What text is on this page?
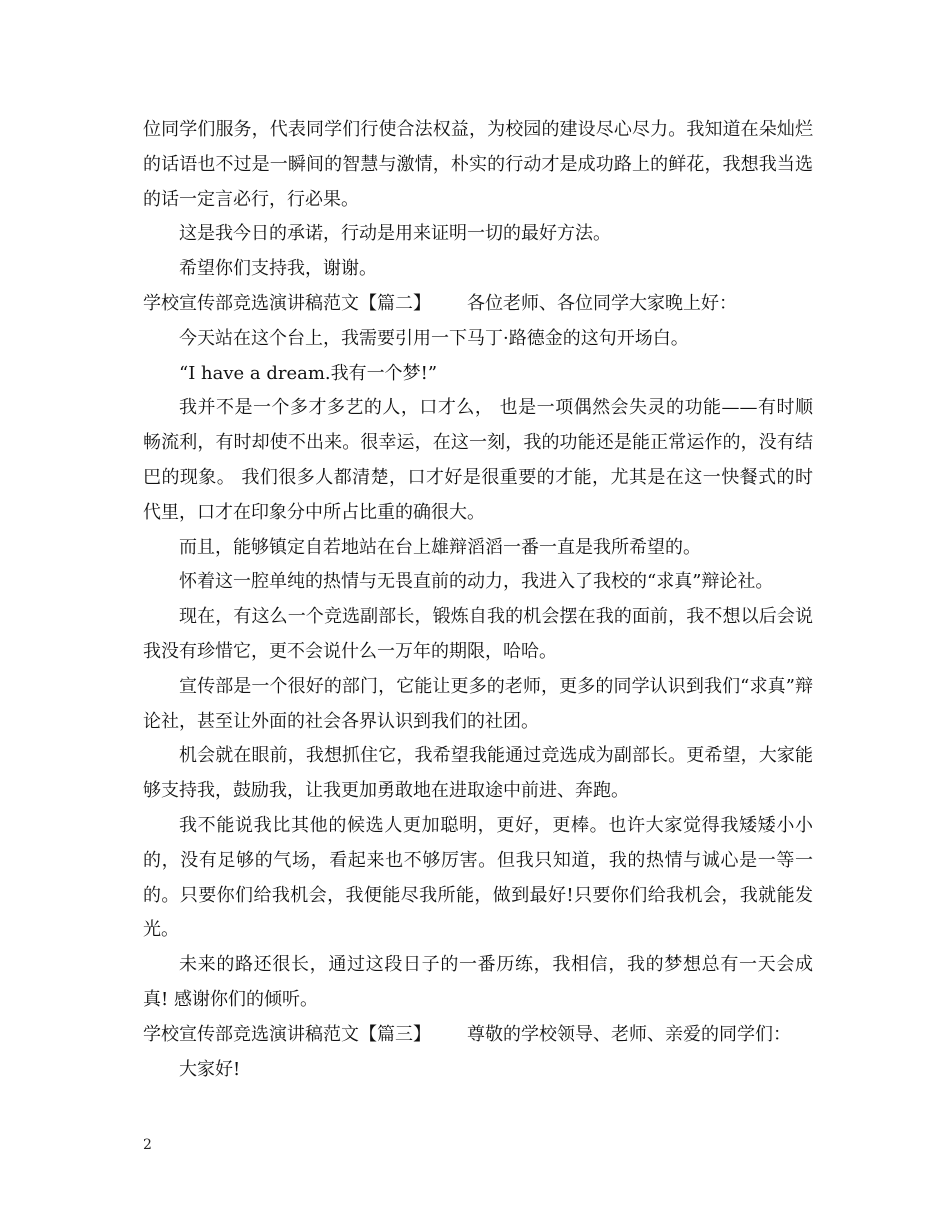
位同学们服务，代表同学们行使合法权益，为校园的建设尽心尽力。我知道在朵灿烂的话语也不过是一瞬间的智慧与激情，朴实的行动才是成功路上的鲜花，我想我当选的话一定言必行，行必果。

这是我今日的承诺，行动是用来证明一切的最好方法。

希望你们支持我，谢谢。

学校宣传部竞选演讲稿范文【篇二】 各位老师、各位同学大家晚上好：

今天站在这个台上，我需要引用一下马丁·路德金的这句开场白。

“I have a dream.我有一个梦!”

我并不是一个多才多艺的人，口才么， 也是一项偶然会失灵的功能——有时顺畅流利，有时却使不出来。很幸运，在这一刻，我的功能还是能正常运作的，没有结巴的现象。 我们很多人都清楚，口才好是很重要的才能，尤其是在这一快餐式的时代里，口才在印象分中所占比重的确很大。

而且，能够镇定自若地站在台上雄辩滔滔一番一直是我所希望的。

怀着这一腔单纯的热情与无畏直前的动力，我进入了我校的“求真”辩论社。

现在，有这么一个竞选副部长，锻炼自我的机会摆在我的面前，我不想以后会说我没有珍惜它，更不会说什么一万年的期限，哈哈。

宣传部是一个很好的部门，它能让更多的老师，更多的同学认识到我们“求真”辩论社，甚至让外面的社会各界认识到我们的社团。

机会就在眼前，我想抓住它，我希望我能通过竞选成为副部长。更希望，大家能够支持我，鼓励我，让我更加勇敢地在进取途中前进、奔跑。

我不能说我比其他的候选人更加聪明，更好，更棒。也许大家觉得我矮矮小小的，没有足够的气场，看起来也不够厉害。但我只知道，我的热情与诚心是一等一的。只要你们给我机会，我便能尽我所能，做到最好!只要你们给我机会，我就能发光。

未来的路还很长，通过这段日子的一番历练，我相信，我的梦想总有一天会成真! 感谢你们的倾听。

学校宣传部竞选演讲稿范文【篇三】 尊敬的学校领导、老师、亲爱的同学们：

大家好!

2
